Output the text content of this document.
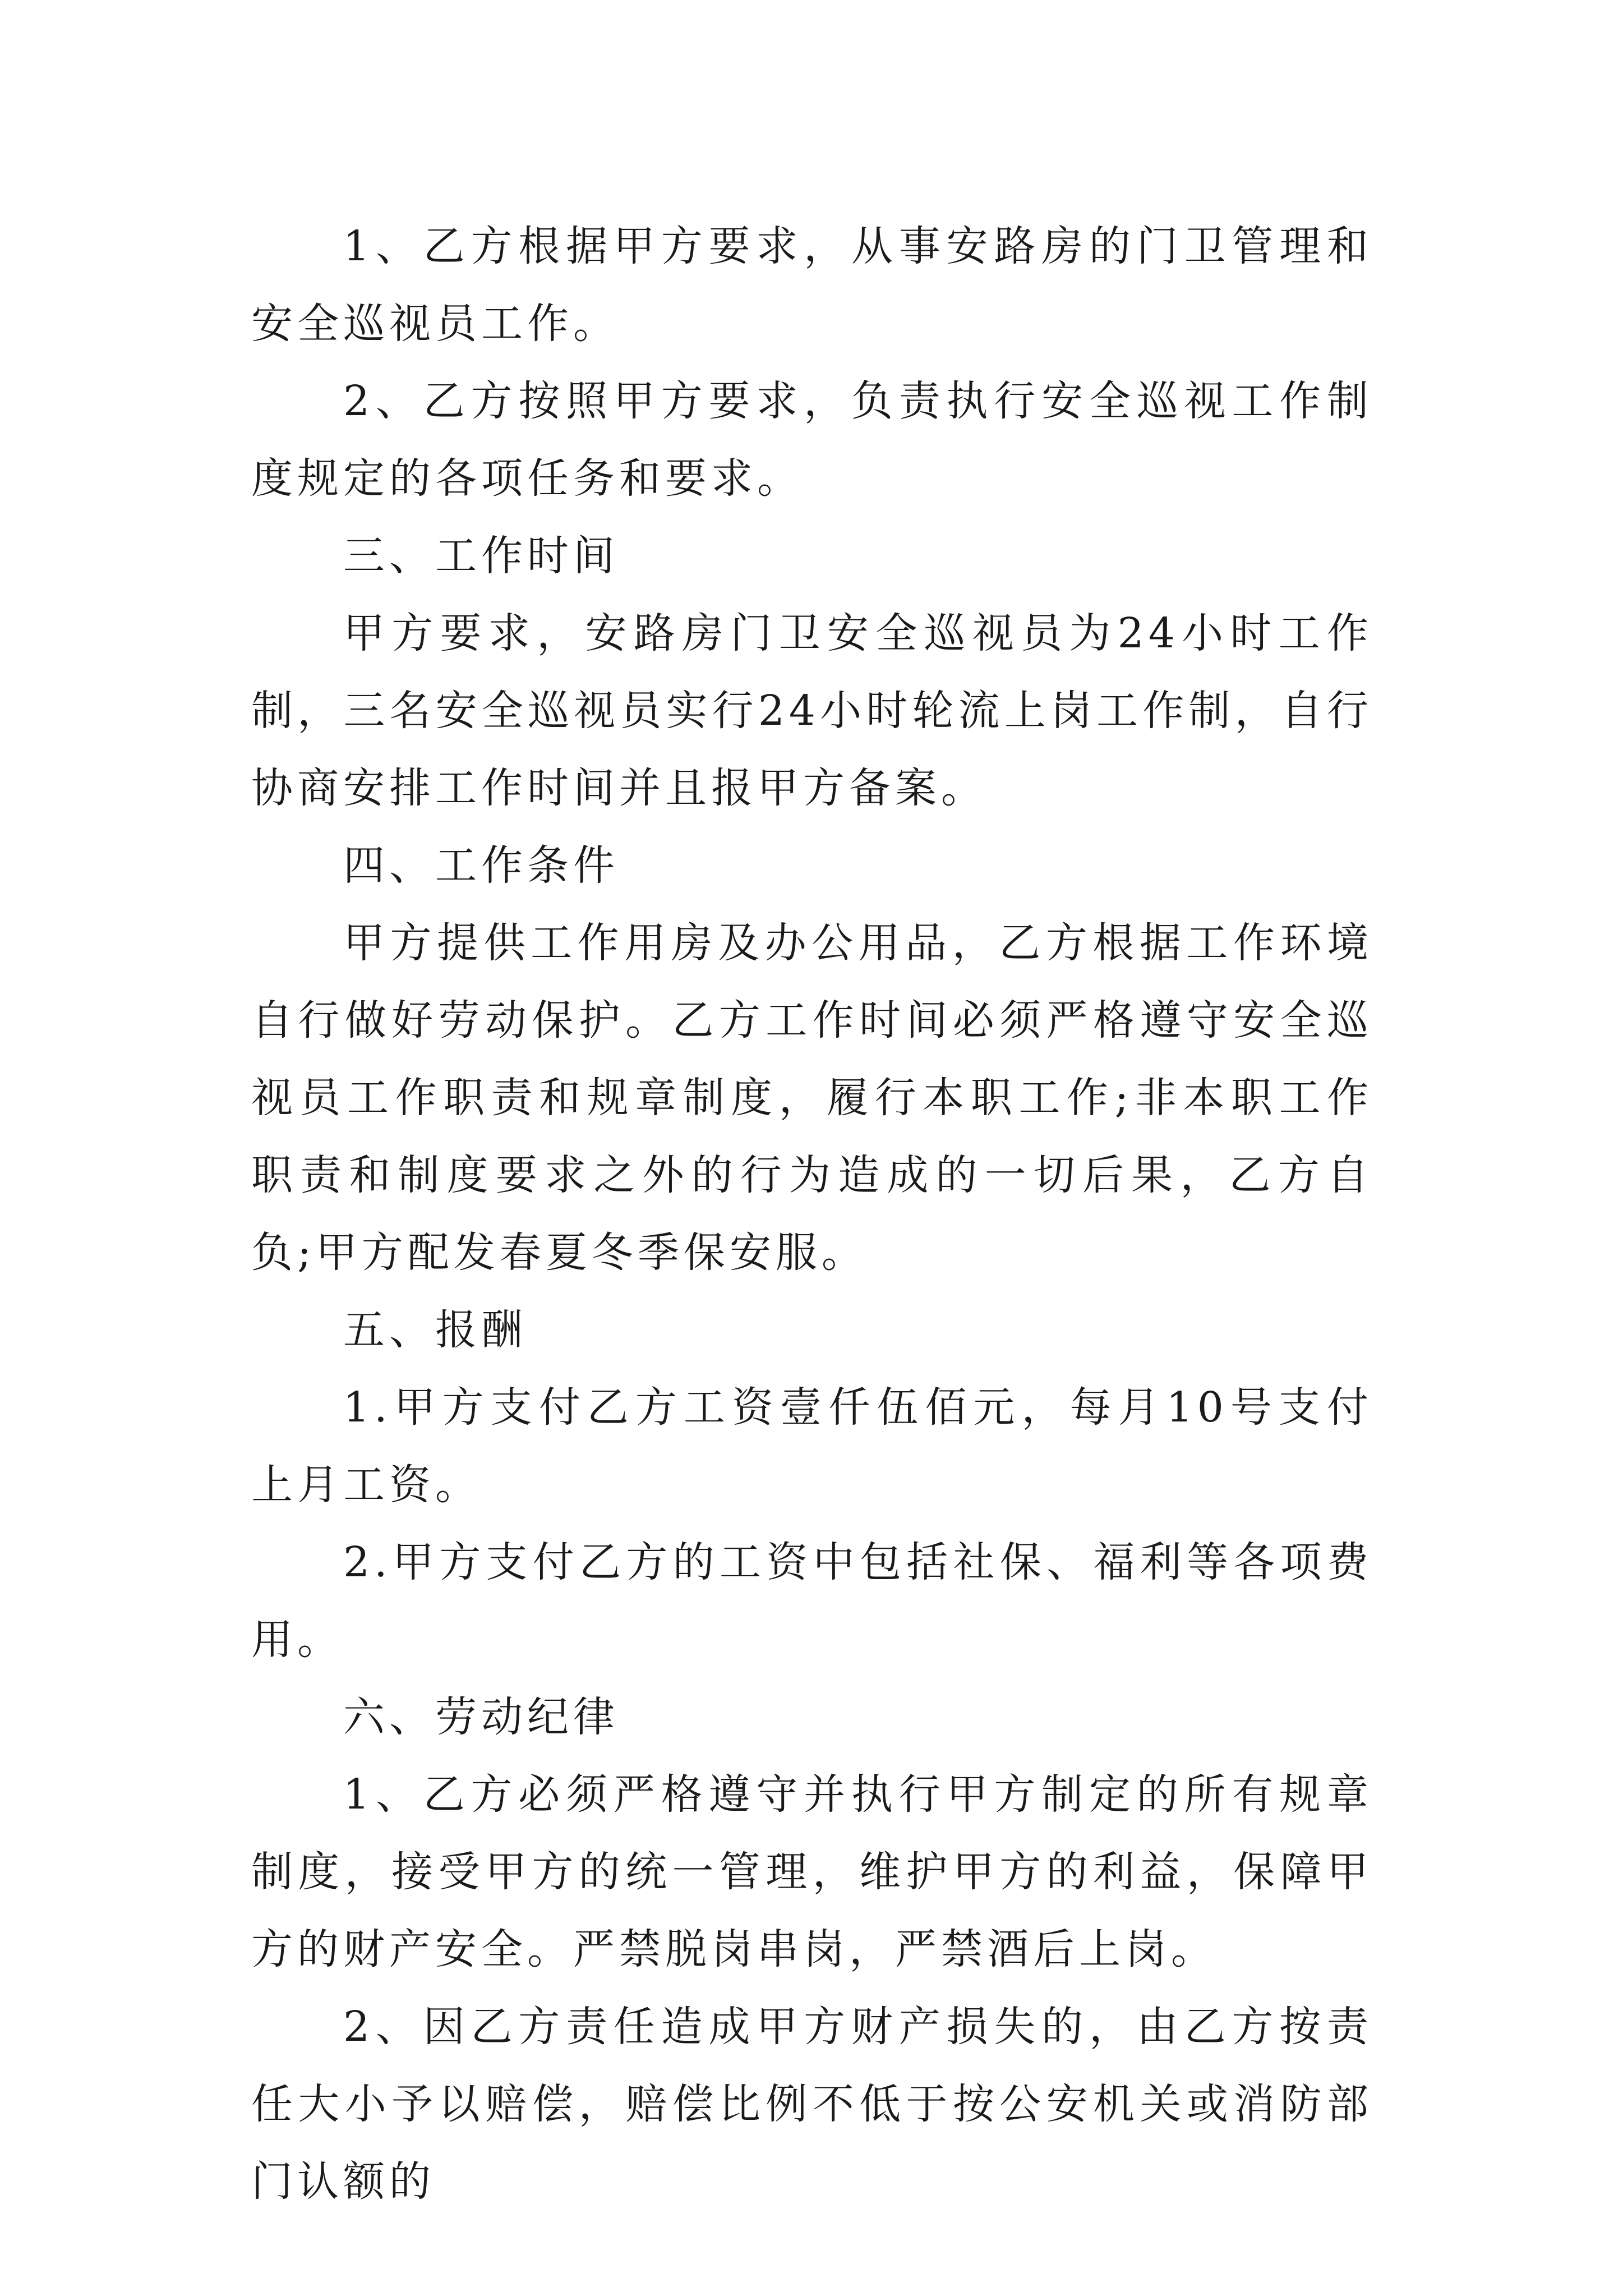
1、乙方根据甲方要求，从事安路房的门卫管理和安全巡视员工作。

2、乙方按照甲方要求，负责执行安全巡视工作制度规定的各项任务和要求。

三、工作时间

甲方要求，安路房门卫安全巡视员为24小时工作制，三名安全巡视员实行24小时轮流上岗工作制，自行协商安排工作时间并且报甲方备案。

四、工作条件

甲方提供工作用房及办公用品，乙方根据工作环境自行做好劳动保护。乙方工作时间必须严格遵守安全巡视员工作职责和规章制度，履行本职工作;非本职工作职责和制度要求之外的行为造成的一切后果，乙方自负;甲方配发春夏冬季保安服。

五、报酬

1.甲方支付乙方工资壹仟伍佰元，每月10号支付上月工资。

2.甲方支付乙方的工资中包括社保、福利等各项费用。

六、劳动纪律

1、乙方必须严格遵守并执行甲方制定的所有规章制度，接受甲方的统一管理，维护甲方的利益，保障甲方的财产安全。严禁脱岗串岗，严禁酒后上岗。

2、因乙方责任造成甲方财产损失的，由乙方按责任大小予以赔偿，赔偿比例不低于按公安机关或消防部门认额的
